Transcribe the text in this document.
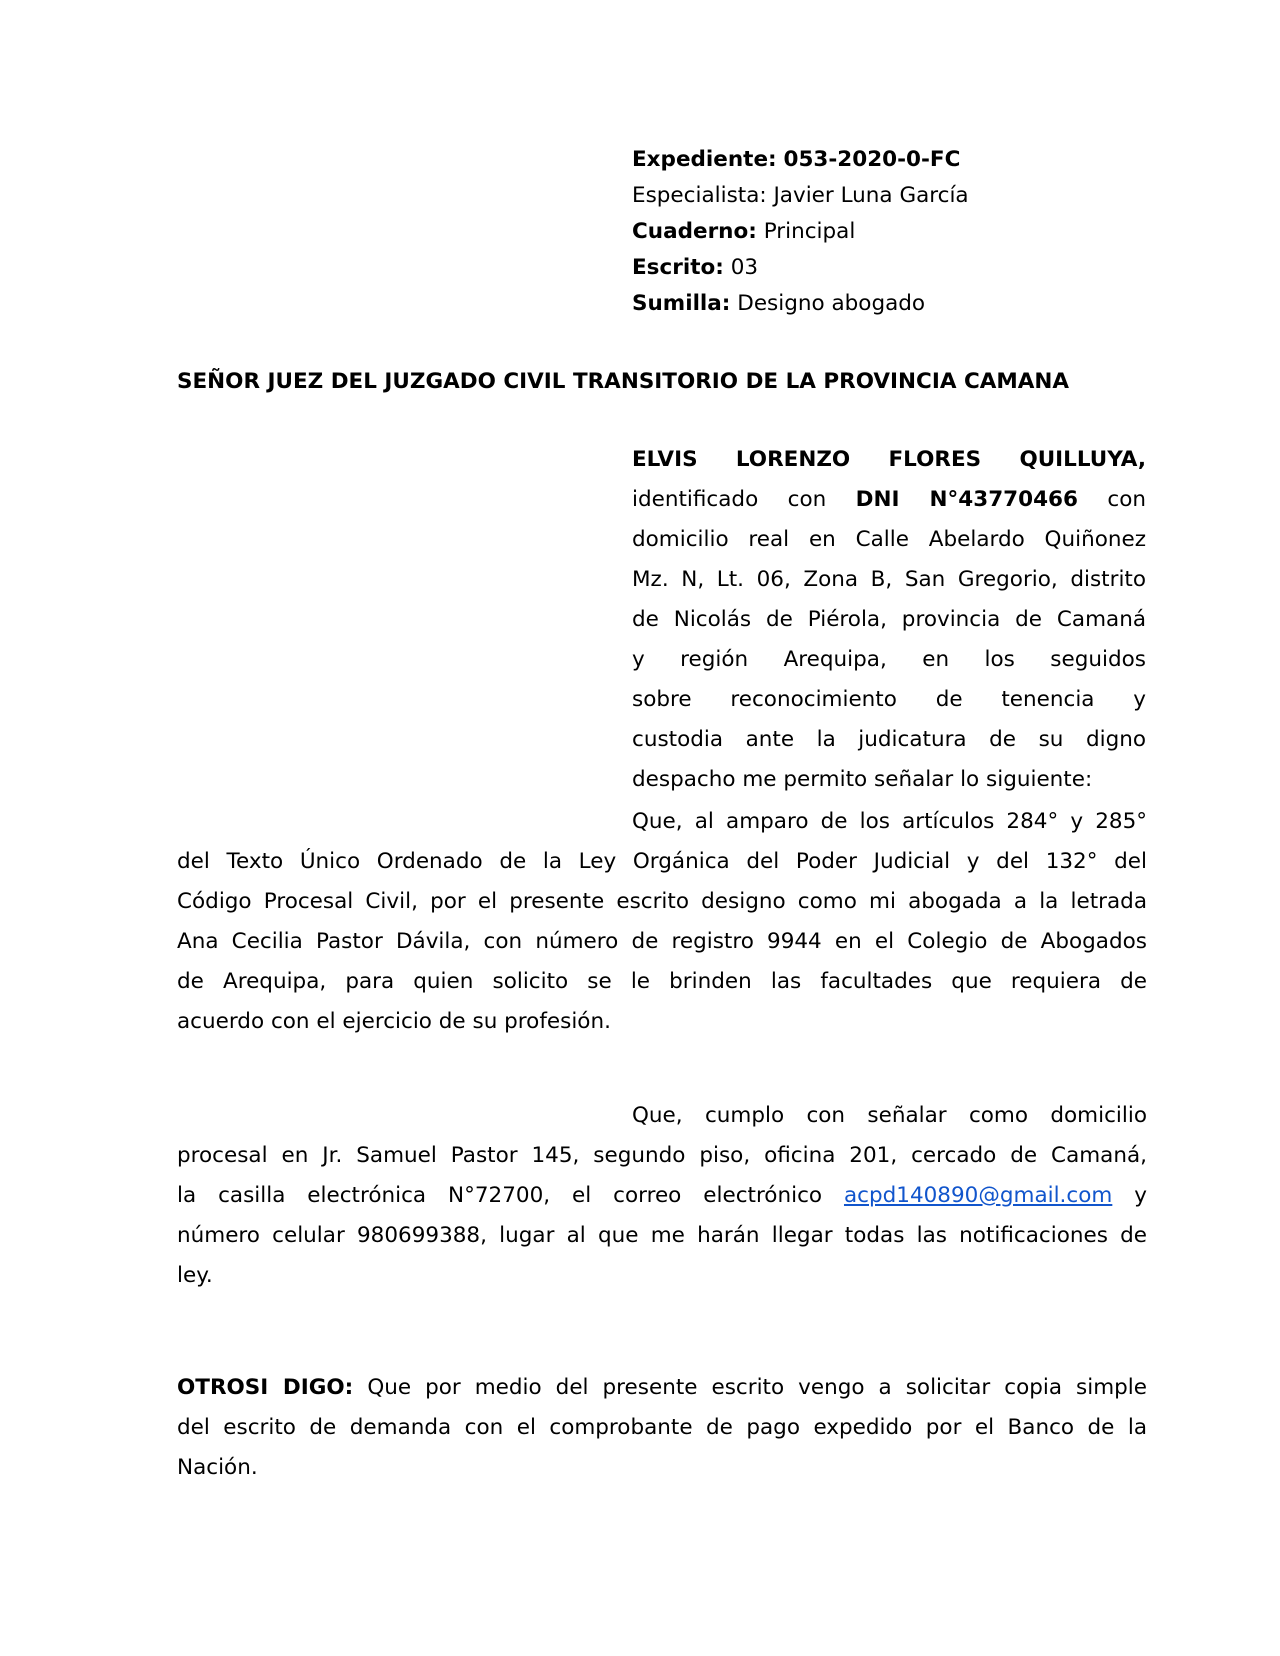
Expediente: 053-2020-0-FC
Especialista: Javier Luna García
Cuaderno: Principal
Escrito: 03
Sumilla: Designo abogado
SEÑOR JUEZ DEL JUZGADO CIVIL TRANSITORIO DE LA PROVINCIA CAMANA
ELVIS LORENZO FLORES QUILLUYA,
identificado con DNI N°43770466 con
domicilio real en Calle Abelardo Quiñonez
Mz. N, Lt. 06, Zona B, San Gregorio, distrito
de Nicolás de Piérola, provincia de Camaná
y región Arequipa, en los seguidos
sobre reconocimiento de tenencia y
custodia ante la judicatura de su digno
despacho me permito señalar lo siguiente:
Que, al amparo de los artículos 284° y 285°
del Texto Único Ordenado de la Ley Orgánica del Poder Judicial y del 132° del
Código Procesal Civil, por el presente escrito designo como mi abogada a la letrada
Ana Cecilia Pastor Dávila, con número de registro 9944 en el Colegio de Abogados
de Arequipa, para quien solicito se le brinden las facultades que requiera de
acuerdo con el ejercicio de su profesión.
Que, cumplo con señalar como domicilio
procesal en Jr. Samuel Pastor 145, segundo piso, oficina 201, cercado de Camaná,
la casilla electrónica N°72700, el correo electrónico acpd140890@gmail.com y
número celular 980699388, lugar al que me harán llegar todas las notificaciones de
ley.
OTROSI DIGO: Que por medio del presente escrito vengo a solicitar copia simple
del escrito de demanda con el comprobante de pago expedido por el Banco de la
Nación.
